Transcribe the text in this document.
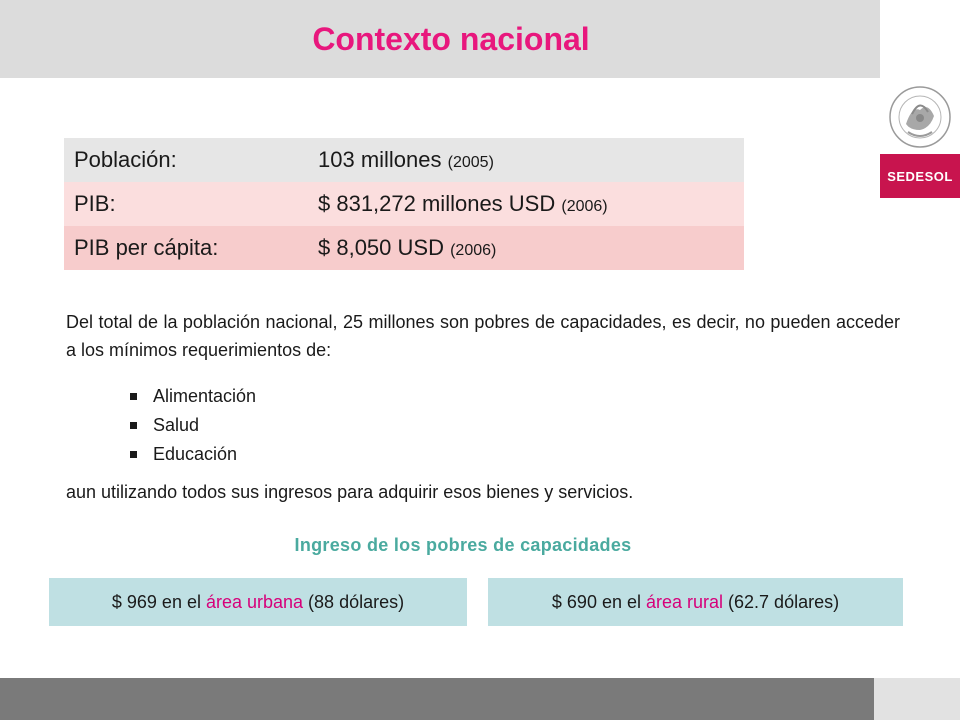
Contexto nacional
SEDESOL
Población:	103 millones (2005)
PIB:	$ 831,272 millones USD (2006)
PIB per cápita:	$ 8,050 USD (2006)
Del total de la población nacional, 25 millones son pobres de capacidades, es decir, no pueden acceder a los mínimos requerimientos de:
Alimentación
Salud
Educación
aun utilizando todos sus ingresos para adquirir esos bienes y servicios.
Ingreso de los pobres de capacidades
$ 969 en el área urbana (88 dólares)	$ 690 en el área rural (62.7 dólares)
